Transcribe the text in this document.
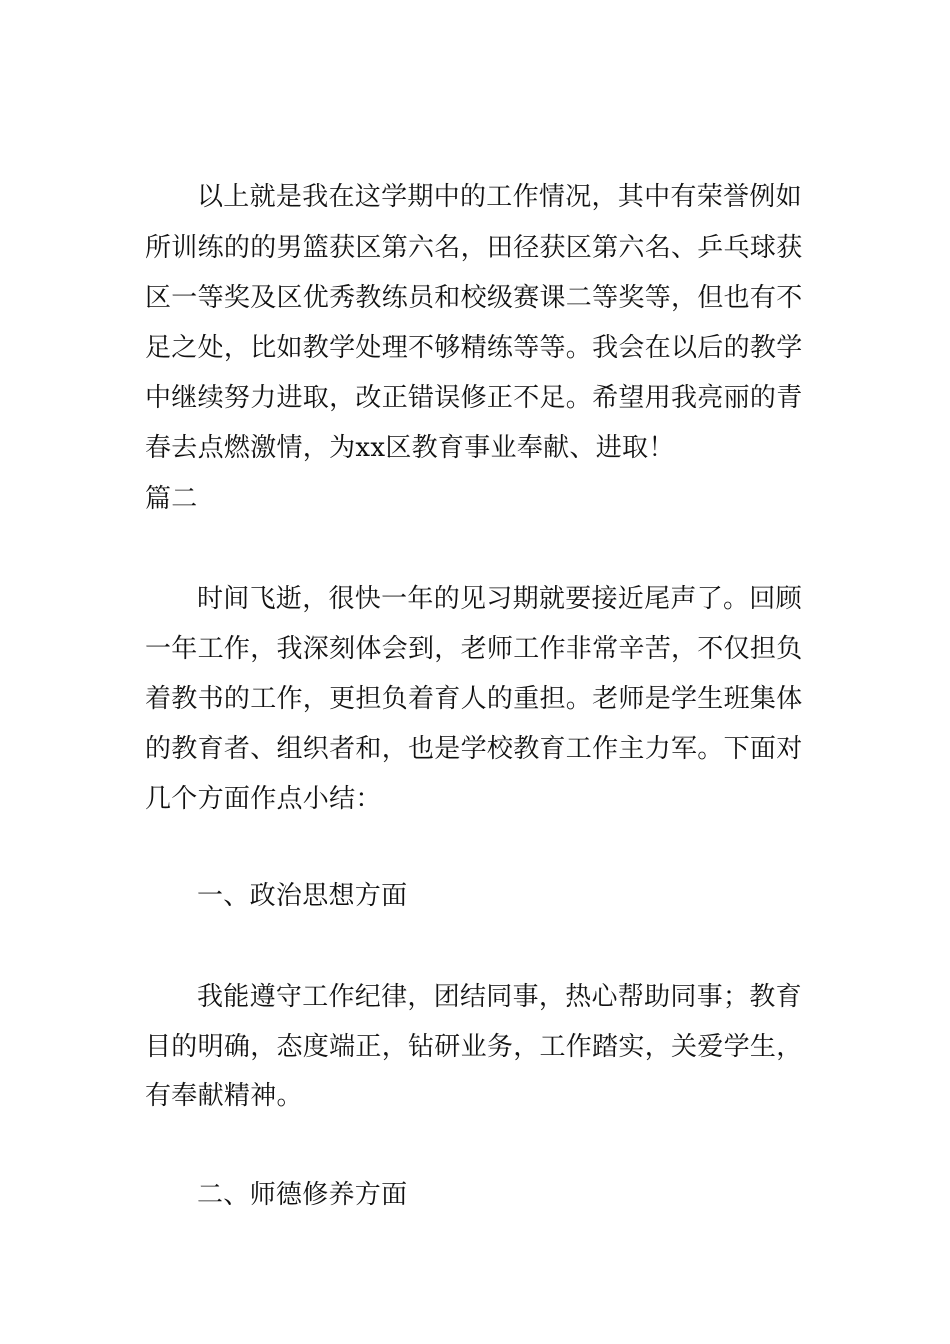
以上就是我在这学期中的工作情况，其中有荣誉例如
所训练的的男篮获区第六名，田径获区第六名、乒乓球获
区一等奖及区优秀教练员和校级赛课二等奖等，但也有不
足之处，比如教学处理不够精练等等。我会在以后的教学
中继续努力进取，改正错误修正不足。希望用我亮丽的青
春去点燃激情，为xx区教育事业奉献、进取！
篇二
时间飞逝，很快一年的见习期就要接近尾声了。回顾
一年工作，我深刻体会到，老师工作非常辛苦，不仅担负
着教书的工作，更担负着育人的重担。老师是学生班集体
的教育者、组织者和，也是学校教育工作主力军。下面对
几个方面作点小结：
一、政治思想方面
我能遵守工作纪律，团结同事，热心帮助同事；教育
目的明确，态度端正，钻研业务，工作踏实，关爱学生，
有奉献精神。
二、师德修养方面
